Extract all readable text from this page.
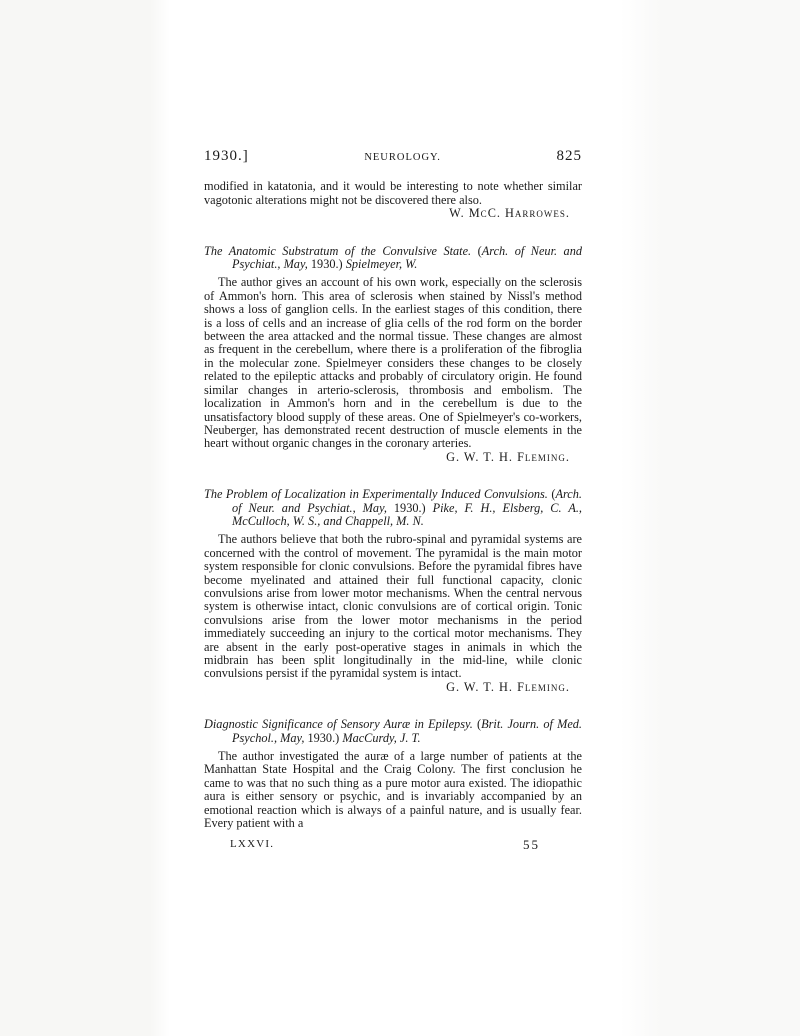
1930.]	NEUROLOGY.	825

modified in katatonia, and it would be interesting to note whether similar vagotonic alterations might not be discovered there also.

W. McC. Harrowes.

The Anatomic Substratum of the Convulsive State. (Arch. of Neur. and Psychiat., May, 1930.) Spielmeyer, W.

The author gives an account of his own work, especially on the sclerosis of Ammon's horn. This area of sclerosis when stained by Nissl's method shows a loss of ganglion cells. In the earliest stages of this condition, there is a loss of cells and an increase of glia cells of the rod form on the border between the area attacked and the normal tissue. These changes are almost as frequent in the cerebellum, where there is a proliferation of the fibroglia in the molecular zone. Spielmeyer considers these changes to be closely related to the epileptic attacks and probably of circulatory origin. He found similar changes in arterio-sclerosis, thrombosis and embolism. The localization in Ammon's horn and in the cerebellum is due to the unsatisfactory blood supply of these areas. One of Spielmeyer's co-workers, Neuberger, has demonstrated recent destruction of muscle elements in the heart without organic changes in the coronary arteries.

G. W. T. H. Fleming.

The Problem of Localization in Experimentally Induced Convulsions. (Arch. of Neur. and Psychiat., May, 1930.) Pike, F. H., Elsberg, C. A., McCulloch, W. S., and Chappell, M. N.

The authors believe that both the rubro-spinal and pyramidal systems are concerned with the control of movement. The pyramidal is the main motor system responsible for clonic convulsions. Before the pyramidal fibres have become myelinated and attained their full functional capacity, clonic convulsions arise from lower motor mechanisms. When the central nervous system is otherwise intact, clonic convulsions are of cortical origin. Tonic convulsions arise from the lower motor mechanisms in the period immediately succeeding an injury to the cortical motor mechanisms. They are absent in the early post-operative stages in animals in which the midbrain has been split longitudinally in the mid-line, while clonic convulsions persist if the pyramidal system is intact.

G. W. T. H. Fleming.

Diagnostic Significance of Sensory Auræ in Epilepsy. (Brit. Journ. of Med. Psychol., May, 1930.) MacCurdy, J. T.

The author investigated the auræ of a large number of patients at the Manhattan State Hospital and the Craig Colony. The first conclusion he came to was that no such thing as a pure motor aura existed. The idiopathic aura is either sensory or psychic, and is invariably accompanied by an emotional reaction which is always of a painful nature, and is usually fear. Every patient with a

LXXVI.	55
